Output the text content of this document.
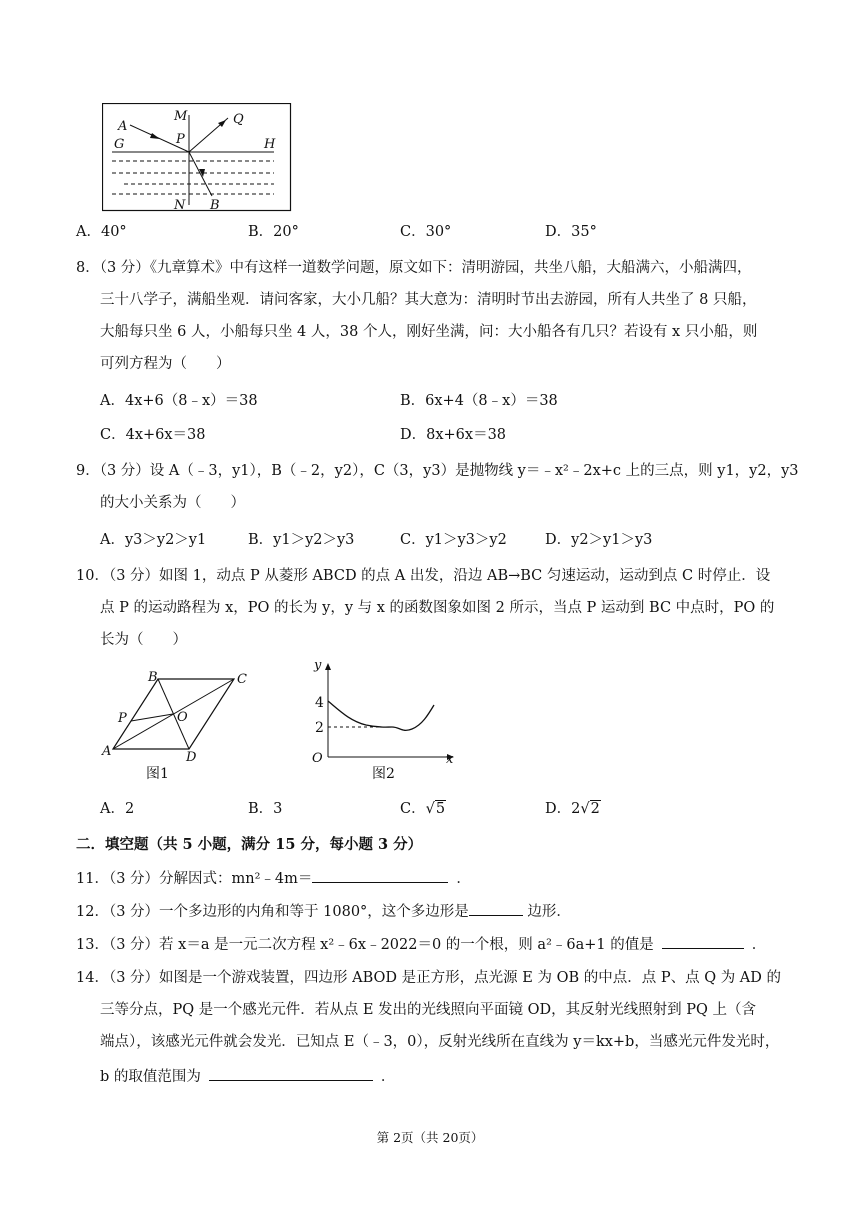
A
M
P
Q
G	H
N B
A．40°	B．20°	C．30°	D．35°
8．（3 分）《九章算术》中有这样一道数学问题，原文如下：清明游园，共坐八船，大船满六，小船满四，
三十八学子，满船坐观．请问客家，大小几船？其大意为：清明时节出去游园，所有人共坐了 8 只船，
大船每只坐 6 人，小船每只坐 4 人，38 个人，刚好坐满，问：大小船各有几只？若设有 x 只小船，则
可列方程为（　　）
A．4x+6（8﹣x）＝38	B．6x+4（8﹣x）＝38
C．4x+6x＝38	D．8x+6x＝38
9．（3 分）设 A（﹣3，y1），B（﹣2，y2），C（3，y3）是抛物线 y＝﹣x²﹣2x+c 上的三点，则 y1，y2，y3
的大小关系为（　　）
A．y3＞y2＞y1	B．y1＞y2＞y3	C．y1＞y3＞y2	D．y2＞y1＞y3
10．（3 分）如图 1，动点 P 从菱形 ABCD 的点 A 出发，沿边 AB→BC 匀速运动，运动到点 C 时停止．设
点 P 的运动路程为 x，PO 的长为 y，y 与 x 的函数图象如图 2 所示，当点 P 运动到 BC 中点时，PO 的
长为（　　）
B	C
P	O
A	D
图1
y
x
O
4
2
图2
A．2	B．3	C．√5	D．2√2
二．填空题（共 5 小题，满分 15 分，每小题 3 分）
11．（3 分）分解因式：mn²﹣4m＝	．
12．（3 分）一个多边形的内角和等于 1080°，这个多边形是	边形．
13．（3 分）若 x＝a 是一元二次方程 x²﹣6x﹣2022＝0 的一个根，则 a²﹣6a+1 的值是	．
14．（3 分）如图是一个游戏装置，四边形 ABOD 是正方形，点光源 E 为 OB 的中点．点 P、点 Q 为 AD 的
三等分点，PQ 是一个感光元件．若从点 E 发出的光线照向平面镜 OD，其反射光线照射到 PQ 上（含
端点），该感光元件就会发光．已知点 E（﹣3，0），反射光线所在直线为 y＝kx+b，当感光元件发光时，
b 的取值范围为	．
第 2页（共 20页）
